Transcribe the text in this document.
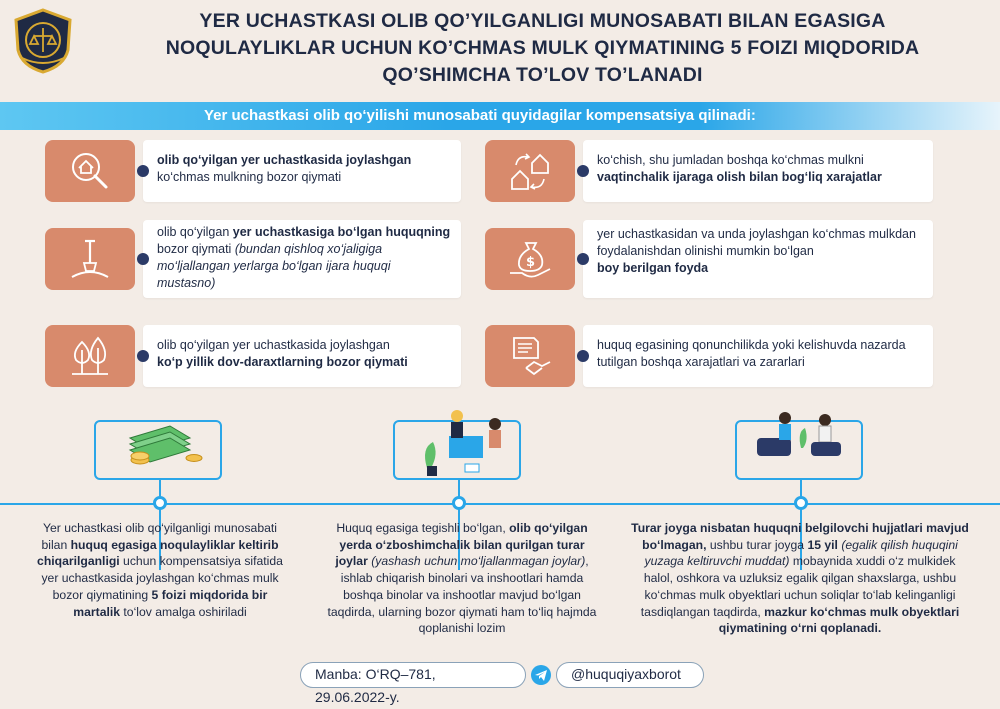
YER UCHASTKASI OLIB QO’YILGANLIGI MUNOSABATI BILAN EGASIGA
NOQULAYLIKLAR UCHUN KO’CHMAS MULK QIYMATINING 5 FOIZI MIQDORIDA
QO’SHIMCHA TO’LOV TO’LANADI
Yer uchastkasi olib qo‘yilishi munosabati quyidagilar kompensatsiya qilinadi:
olib qo‘yilgan yer uchastkasida joylashgan
ko‘chmas mulkning bozor qiymati
olib qo‘yilgan yer uchastkasiga bo‘lgan huquqning bozor qiymati (bundan qishloq xo‘jaligiga mo‘ljallangan yerlarga bo‘lgan ijara huquqi mustasno)
olib qo‘yilgan yer uchastkasida joylashgan
ko‘p yillik dov-daraxtlarning bozor qiymati
ko‘chish, shu jumladan boshqa ko‘chmas mulkni
vaqtinchalik ijaraga olish bilan bog‘liq xarajatlar
$
yer uchastkasidan va unda joylashgan ko‘chmas mulkdan foydalanishdan olinishi mumkin bo‘lgan
boy berilgan foyda
huquq egasining qonunchilikda yoki kelishuvda nazarda tutilgan boshqa xarajatlari va zararlari
Yer uchastkasi olib qo‘yilganligi munosabati bilan huquq egasiga noqulayliklar keltirib chiqarilganligi uchun kompensatsiya sifatida yer uchastkasida joylashgan ko‘chmas mulk bozor qiymatining 5 foizi miqdorida bir martalik to‘lov amalga oshiriladi
Huquq egasiga tegishli bo‘lgan, olib qo‘yilgan yerda o‘zboshimchalik bilan qurilgan turar joylar (yashash uchun mo‘ljallanmagan joylar), ishlab chiqarish binolari va inshootlari hamda boshqa binolar va inshootlar mavjud bo‘lgan taqdirda, ularning bozor qiymati ham to‘liq hajmda qoplanishi lozim
Turar joyga nisbatan huquqni belgilovchi hujjatlari mavjud bo‘lmagan, ushbu turar joyga 15 yil (egalik qilish huquqini yuzaga keltiruvchi muddat) mobaynida xuddi o‘z mulkidek halol, oshkora va uzluksiz egalik qilgan shaxslarga, ushbu ko‘chmas mulk obyektlari uchun soliqlar to‘lab kelinganligi tasdiqlangan taqdirda, mazkur ko‘chmas mulk obyektlari qiymatining o‘rni qoplanadi.
Manba: O‘RQ–781, 29.06.2022-y.
@huquqiyaxborot
